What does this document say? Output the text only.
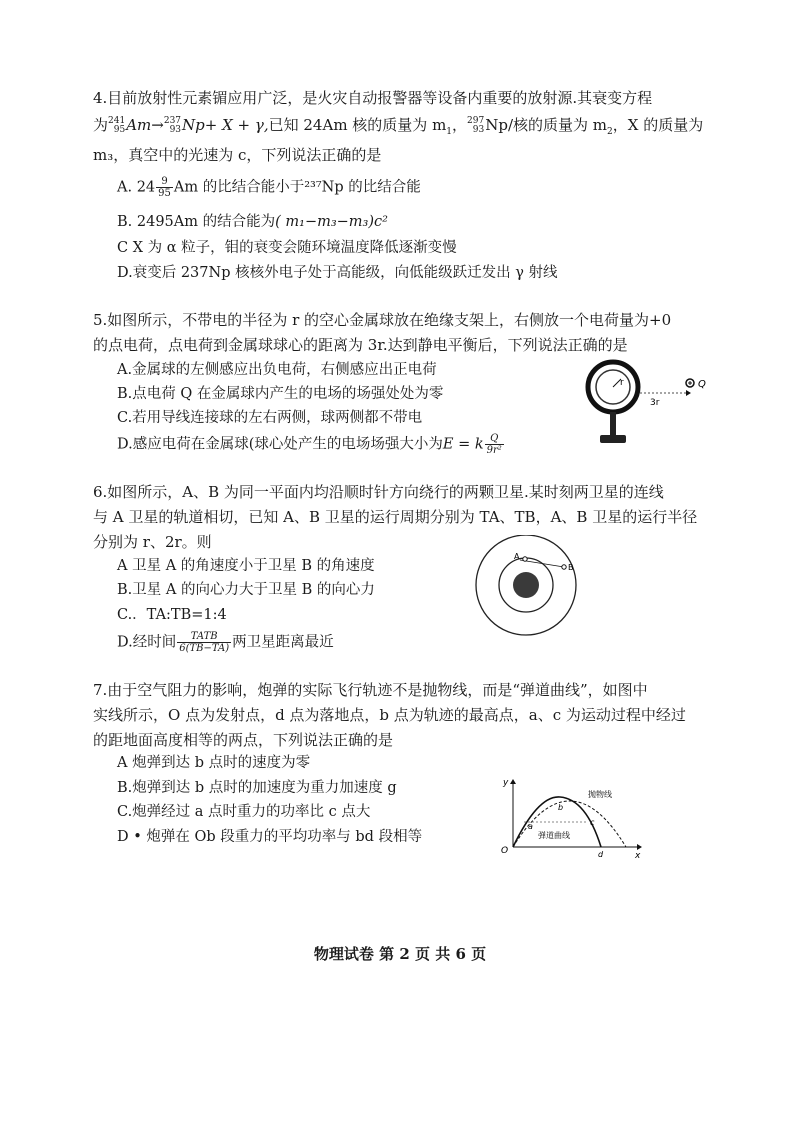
4.目前放射性元素镅应用广泛，是火灾自动报警器等设备内重要的放射源.其衰变方程
为 241
95 Am→ 237
93 Np+ X + γ,已知 24Am 核的质量为 $m_1$， 297
93 Np/核的质量为 $m_2$，X 的质量为
m₃，真空中的光速为 c，下列说法正确的是
A. $24 \frac{9}{95}$ Am 的比结合能小于²³⁷Np 的比结合能
B. 2495Am 的结合能为( m₁−m₃−m₃)c²
C X 为 α 粒子，钼的衰变会随环境温度降低逐渐变慢
D.衰变后 237Np 核核外电子处于高能级，向低能级跃迁发出 γ 射线
5.如图所示，不带电的半径为 r 的空心金属球放在绝缘支架上，右侧放一个电荷量为+0
的点电荷，点电荷到金属球球心的距离为 3r.达到静电平衡后，下列说法正确的是
A.金属球的左侧感应出负电荷，右侧感应出正电荷
B.点电荷 Q 在金属球内产生的电场的场强处处为零
C.若用导线连接球的左右两侧，球两侧都不带电
D.感应电荷在金属球(球心处产生的电场场强大小为E = k $\frac{Q}{\text{9r²}}$
r
3r
Q
6.如图所示，A、B 为同一平面内均沿顺时针方向绕行的两颗卫星.某时刻两卫星的连线
与 A 卫星的轨道相切，已知 A、B 卫星的运行周期分别为 TA、TB，A、B 卫星的运行半径
分别为 r、2r。则
A 卫星 A 的角速度小于卫星 B 的角速度
B.卫星 A 的向心力大于卫星 B 的向心力
C.．TA:TB=1:4
D.经时间 $\frac{\text{TATB}}{6(TB-TA)}$ 两卫星距离最近
A
B
7.由于空气阻力的影响，炮弹的实际飞行轨迹不是抛物线，而是“弹道曲线”，如图中
实线所示，O 点为发射点，d 点为落地点，b 点为轨迹的最高点，a、c 为运动过程中经过
的距地面高度相等的两点，下列说法正确的是
A 炮弹到达 b 点时的速度为零
B.炮弹到达 b 点时的加速度为重力加速度 g
C.炮弹经过 a 点时重力的功率比 c 点大
D • 炮弹在 Ob 段重力的平均功率与 bd 段相等
O	x
y
抛物线
弹道曲线
a
b
c
d
物理试卷 第 2 页 共 6 页
